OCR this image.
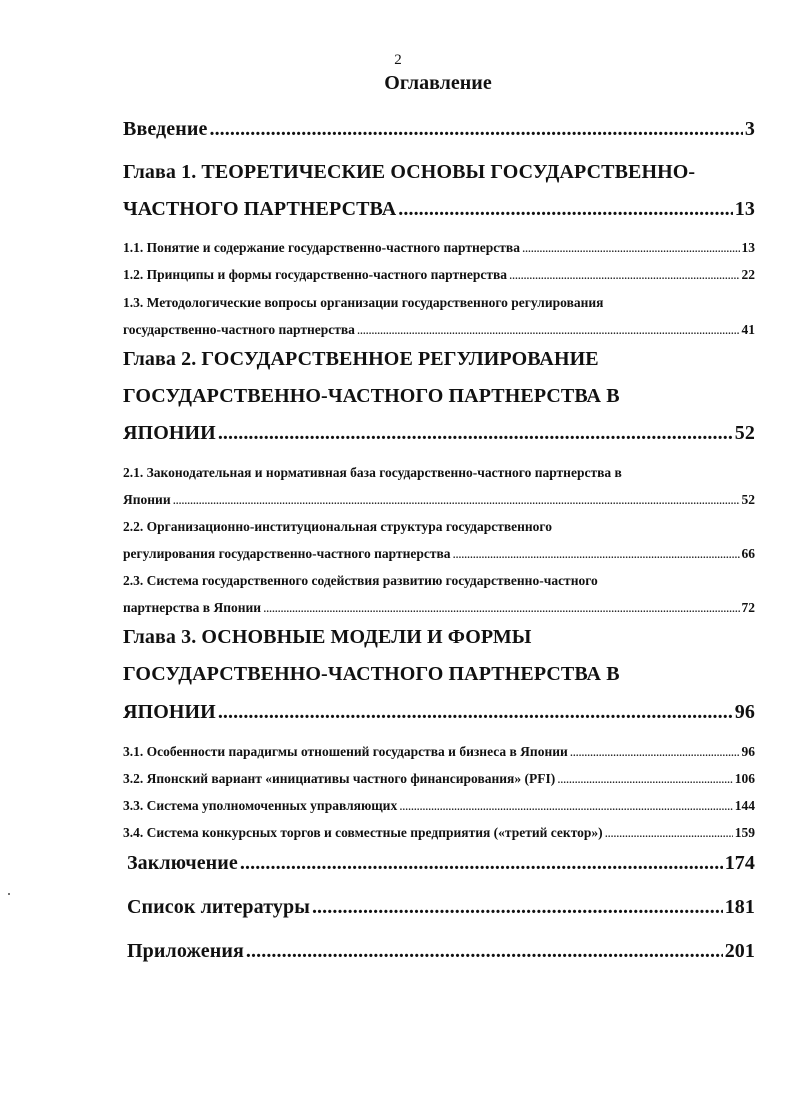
2
Оглавление
Введение .....	3
Глава 1. ТЕОРЕТИЧЕСКИЕ ОСНОВЫ ГОСУДАРСТВЕННО-
ЧАСТНОГО ПАРТНЕРСТВА .....	13
1.1. Понятие и содержание государственно-частного партнерства .....	13
1.2. Принципы и формы государственно-частного партнерства .....	22
1.3. Методологические вопросы организации государственного регулирования
государственно-частного партнерства .....	41
Глава 2. ГОСУДАРСТВЕННОЕ РЕГУЛИРОВАНИЕ
ГОСУДАРСТВЕННО-ЧАСТНОГО ПАРТНЕРСТВА В
ЯПОНИИ .....	52
2.1. Законодательная и нормативная база государственно-частного партнерства в
Японии .....	52
2.2. Организационно-институциональная структура государственного
регулирования государственно-частного партнерства .....	66
2.3. Система государственного содействия развитию государственно-частного
партнерства в Японии .....	72
Глава 3. ОСНОВНЫЕ МОДЕЛИ И ФОРМЫ
ГОСУДАРСТВЕННО-ЧАСТНОГО ПАРТНЕРСТВА В
ЯПОНИИ .....	96
3.1. Особенности парадигмы отношений государства и бизнеса в Японии .....	96
3.2. Японский вариант «инициативы частного финансирования» (PFI) .....	106
3.3. Система уполномоченных управляющих .....	144
3.4. Система конкурсных торгов и совместные предприятия («третий сектор») .....	159
Заключение .....	174
Список литературы .....	181
Приложения .....	201
